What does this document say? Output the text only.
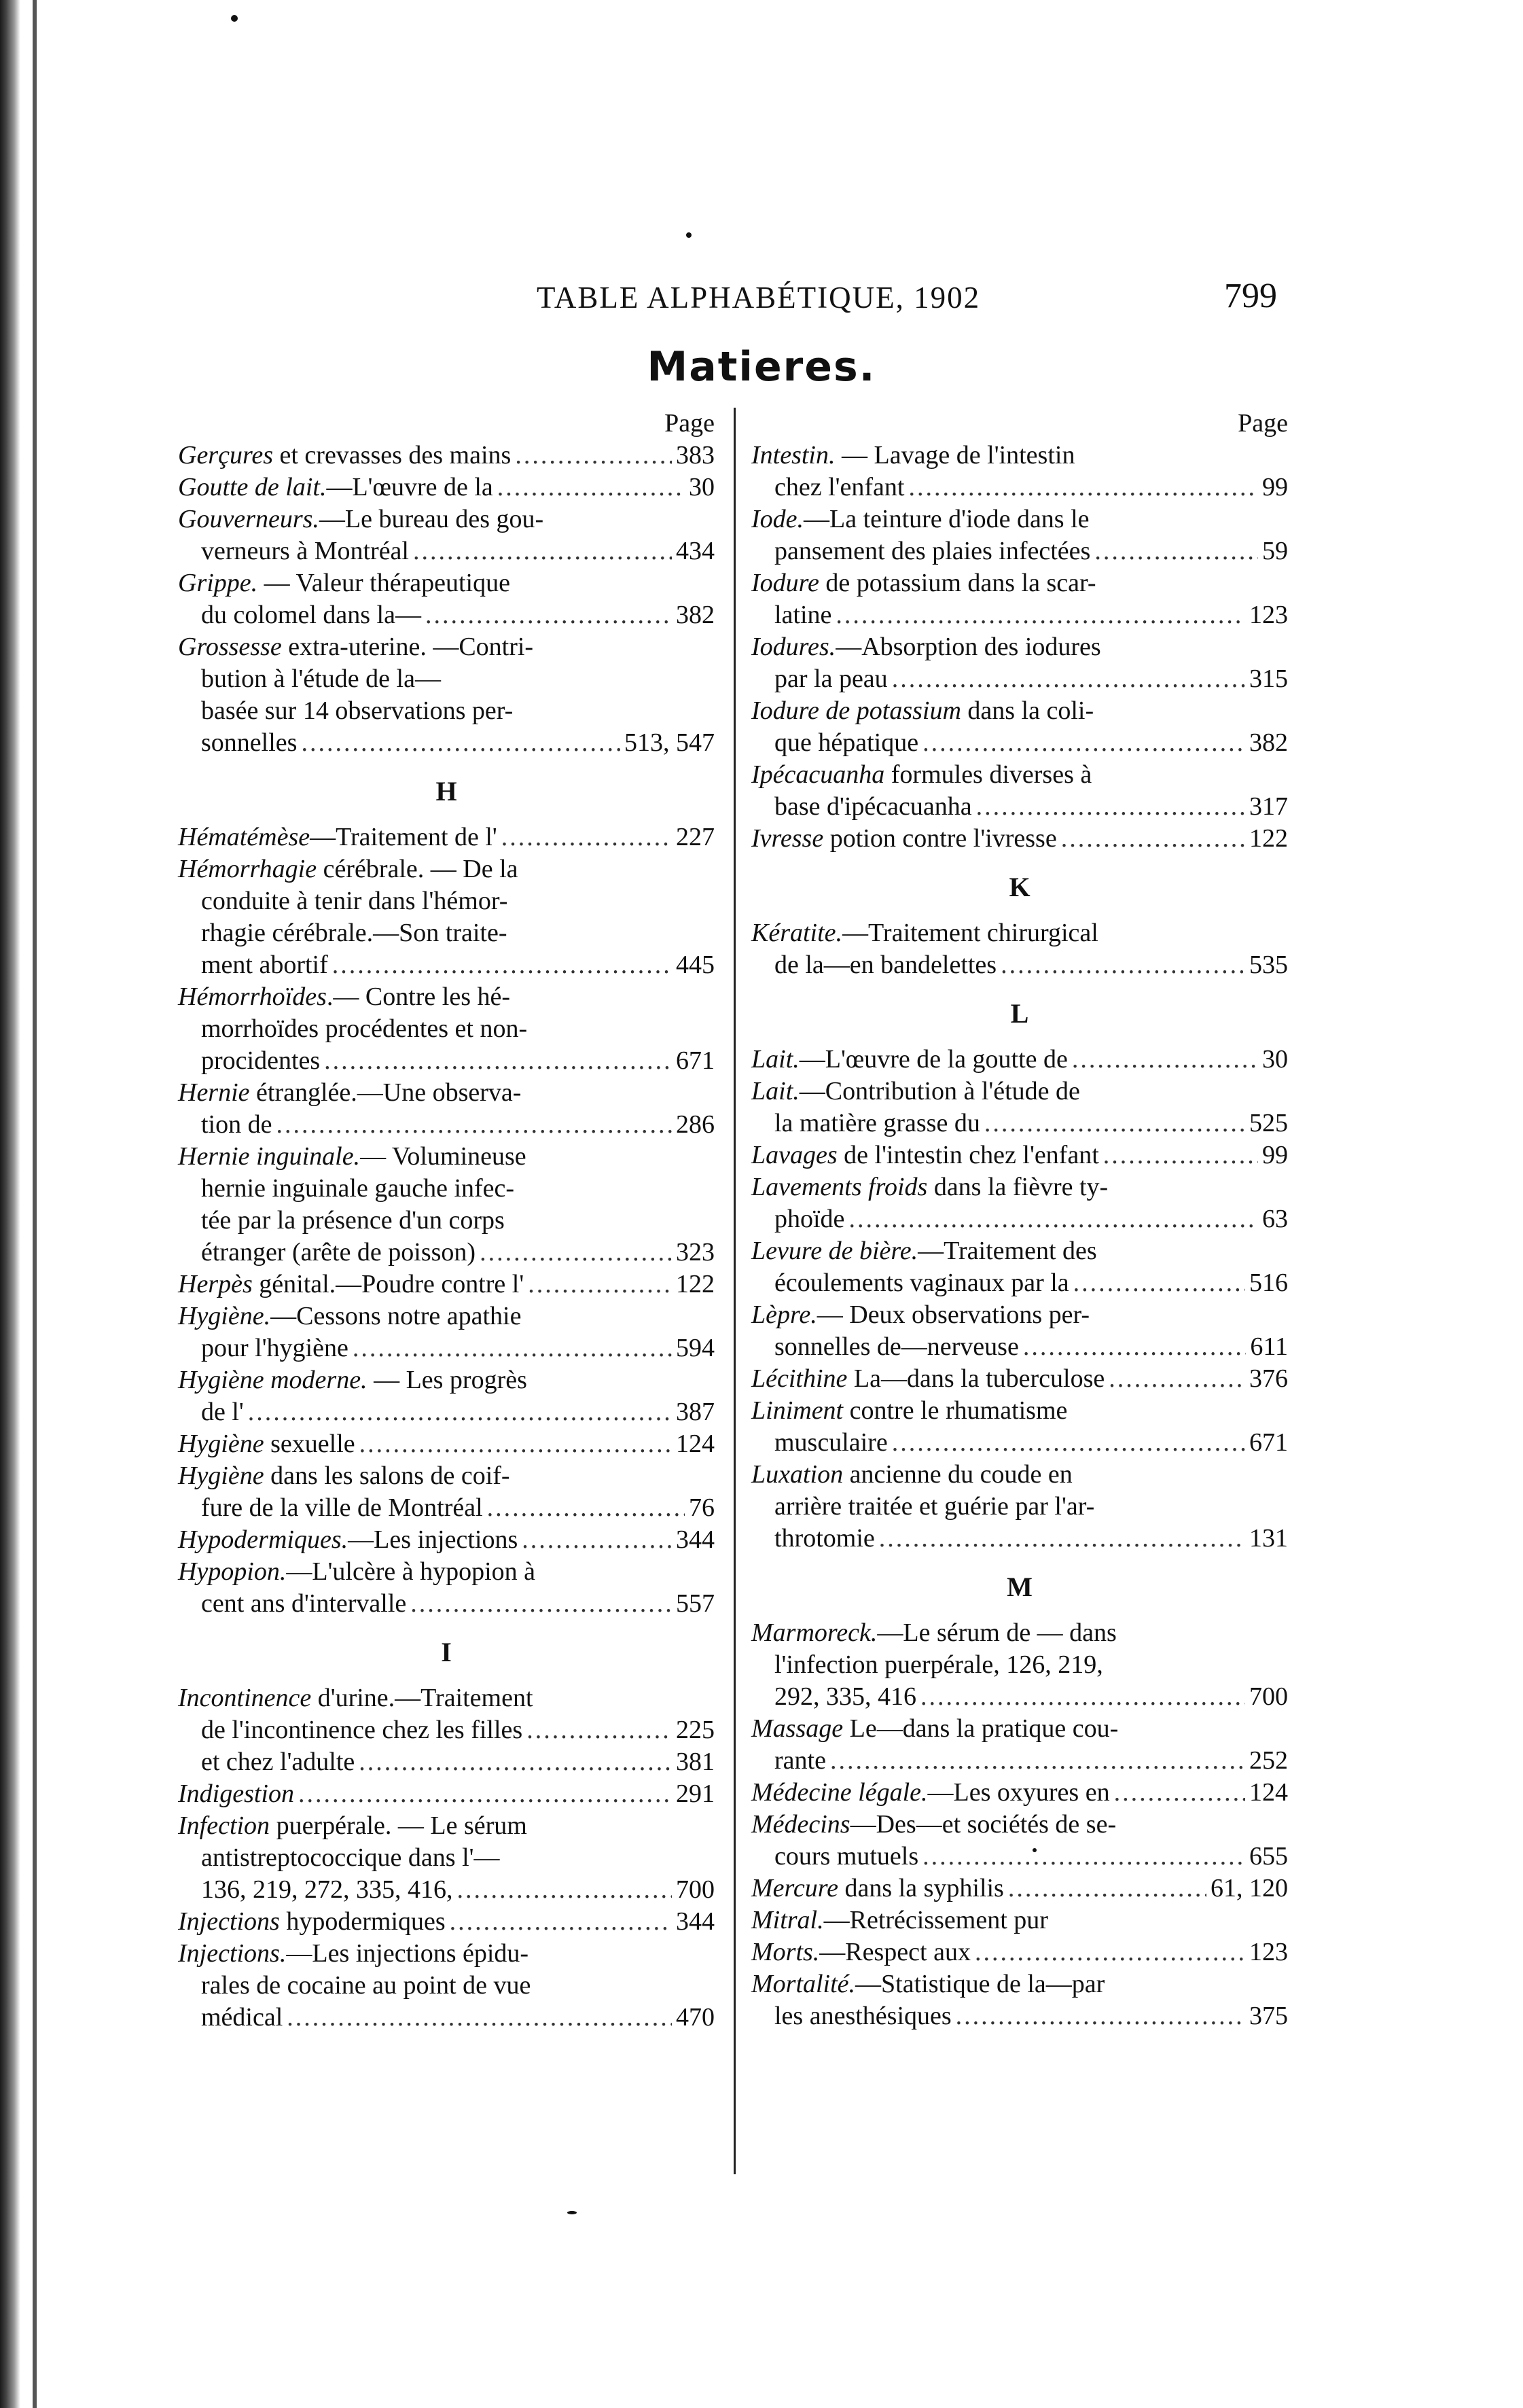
TABLE ALPHABÉTIQUE, 1902	799
Matieres.
Page
Gerçures et crevasses des mains .....	383
Goutte de lait.—L'œuvre de la .....	30
Gouverneurs.—Le bureau des gou-
verneurs à Montréal .....	434
Grippe. — Valeur thérapeutique
du colomel dans la— .....	382
Grossesse extra-uterine. —Contri-
bution à l'étude de la—
basée sur 14 observations per-
sonnelles .....	513, 547
H
Hématémèse—Traitement de l' .....	227
Hémorrhagie cérébrale. — De la
conduite à tenir dans l'hémor-
rhagie cérébrale.—Son traite-
ment abortif .....	445
Hémorrhoïdes.— Contre les hé-
morrhoïdes procédentes et non-
procidentes .....	671
Hernie étranglée.—Une observa-
tion de .....	286
Hernie inguinale.— Volumineuse
hernie inguinale gauche infec-
tée par la présence d'un corps
étranger (arête de poisson) .....	323
Herpès génital.—Poudre contre l' .....	122
Hygiène.—Cessons notre apathie
pour l'hygiène .....	594
Hygiène moderne. — Les progrès
de l' .....	387
Hygiène sexuelle .....	124
Hygiène dans les salons de coif-
fure de la ville de Montréal .....	76
Hypodermiques.—Les injections .....	344
Hypopion.—L'ulcère à hypopion à
cent ans d'intervalle .....	557
I
Incontinence d'urine.—Traitement
de l'incontinence chez les filles .....	225
et chez l'adulte .....	381
Indigestion .....	291
Infection puerpérale. — Le sérum
antistreptococcique dans l'—
136, 219, 272, 335, 416, .....	700
Injections hypodermiques .....	344
Injections.—Les injections épidu-
rales de cocaine au point de vue
médical .....	470
Page
Intestin. — Lavage de l'intestin
chez l'enfant .....	99
Iode.—La teinture d'iode dans le
pansement des plaies infectées .....	59
Iodure de potassium dans la scar-
latine .....	123
Iodures.—Absorption des iodures
par la peau .....	315
Iodure de potassium dans la coli-
que hépatique .....	382
Ipécacuanha formules diverses à
base d'ipécacuanha .....	317
Ivresse potion contre l'ivresse .....	122
K
Kératite.—Traitement chirurgical
de la—en bandelettes .....	535
L
Lait.—L'œuvre de la goutte de .....	30
Lait.—Contribution à l'étude de
la matière grasse du .....	525
Lavages de l'intestin chez l'enfant .....	99
Lavements froids dans la fièvre ty-
phoïde .....	63
Levure de bière.—Traitement des
écoulements vaginaux par la .....	516
Lèpre.— Deux observations per-
sonnelles de—nerveuse .....	611
Lécithine La—dans la tuberculose .....	376
Liniment contre le rhumatisme
musculaire .....	671
Luxation ancienne du coude en
arrière traitée et guérie par l'ar-
throtomie .....	131
M
Marmoreck.—Le sérum de — dans
l'infection puerpérale, 126, 219,
292, 335, 416 .....	700
Massage Le—dans la pratique cou-
rante .....	252
Médecine légale.—Les oxyures en .....	124
Médecins—Des—et sociétés de se-
cours mutuels .....	655
Mercure dans la syphilis .....	61, 120
Mitral.—Retrécissement pur
Morts.—Respect aux .....	123
Mortalité.—Statistique de la—par
les anesthésiques .....	375
